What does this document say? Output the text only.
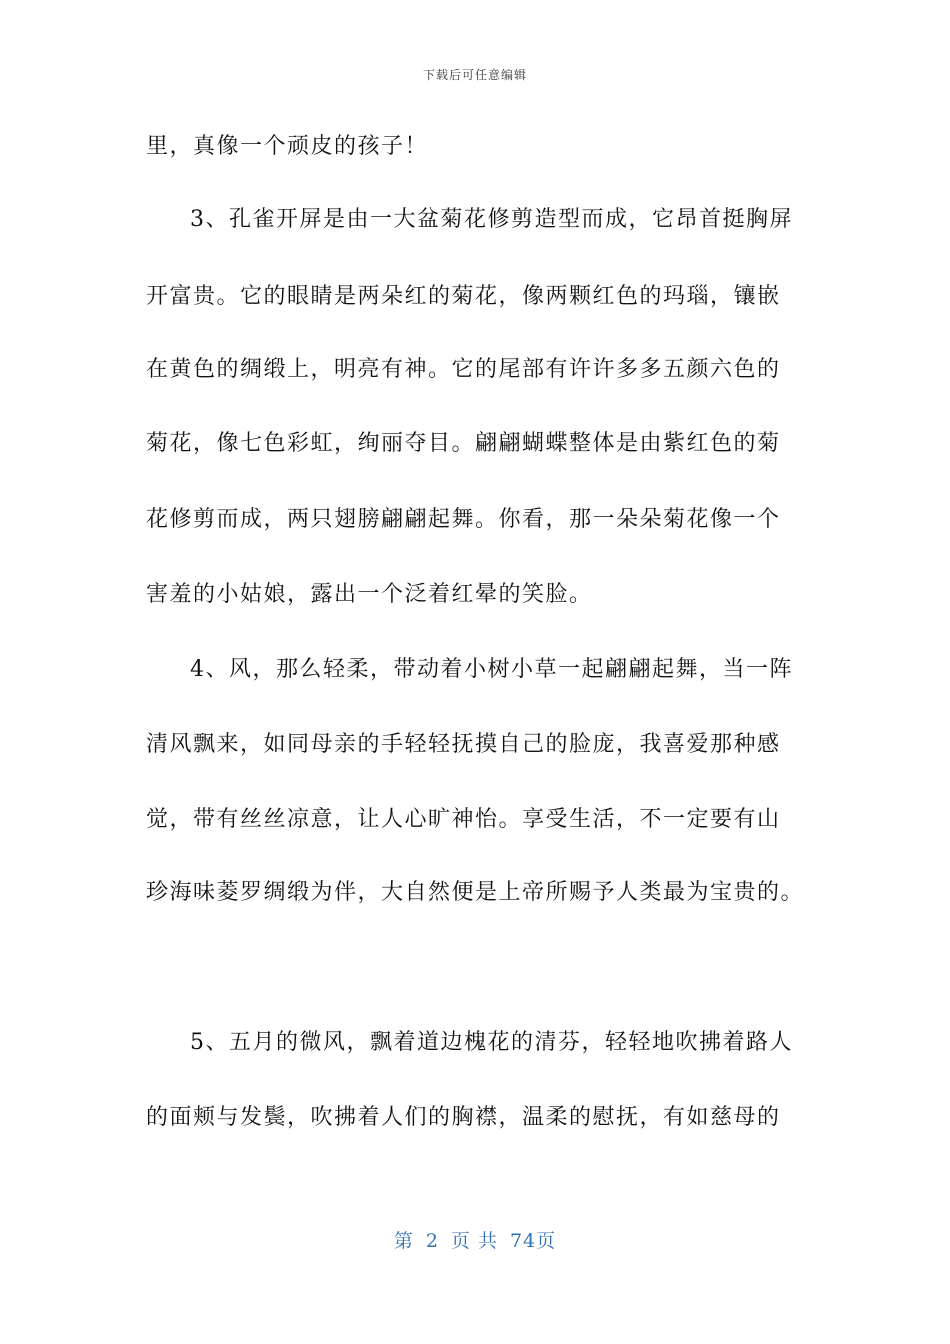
下载后可任意编辑
里，真像一个顽皮的孩子！
3、孔雀开屏是由一大盆菊花修剪造型而成，它昂首挺胸屏
开富贵。它的眼睛是两朵红的菊花，像两颗红色的玛瑙，镶嵌
在黄色的绸缎上，明亮有神。它的尾部有许许多多五颜六色的
菊花，像七色彩虹，绚丽夺目。翩翩蝴蝶整体是由紫红色的菊
花修剪而成，两只翅膀翩翩起舞。你看，那一朵朵菊花像一个
害羞的小姑娘，露出一个泛着红晕的笑脸。
4、风，那么轻柔，带动着小树小草一起翩翩起舞，当一阵
清风飘来，如同母亲的手轻轻抚摸自己的脸庞，我喜爱那种感
觉，带有丝丝凉意，让人心旷神怡。享受生活，不一定要有山
珍海味菱罗绸缎为伴，大自然便是上帝所赐予人类最为宝贵的。
5、五月的微风，飘着道边槐花的清芬，轻轻地吹拂着路人
的面颊与发鬓，吹拂着人们的胸襟，温柔的慰抚，有如慈母的
第 2 页 共 74页
